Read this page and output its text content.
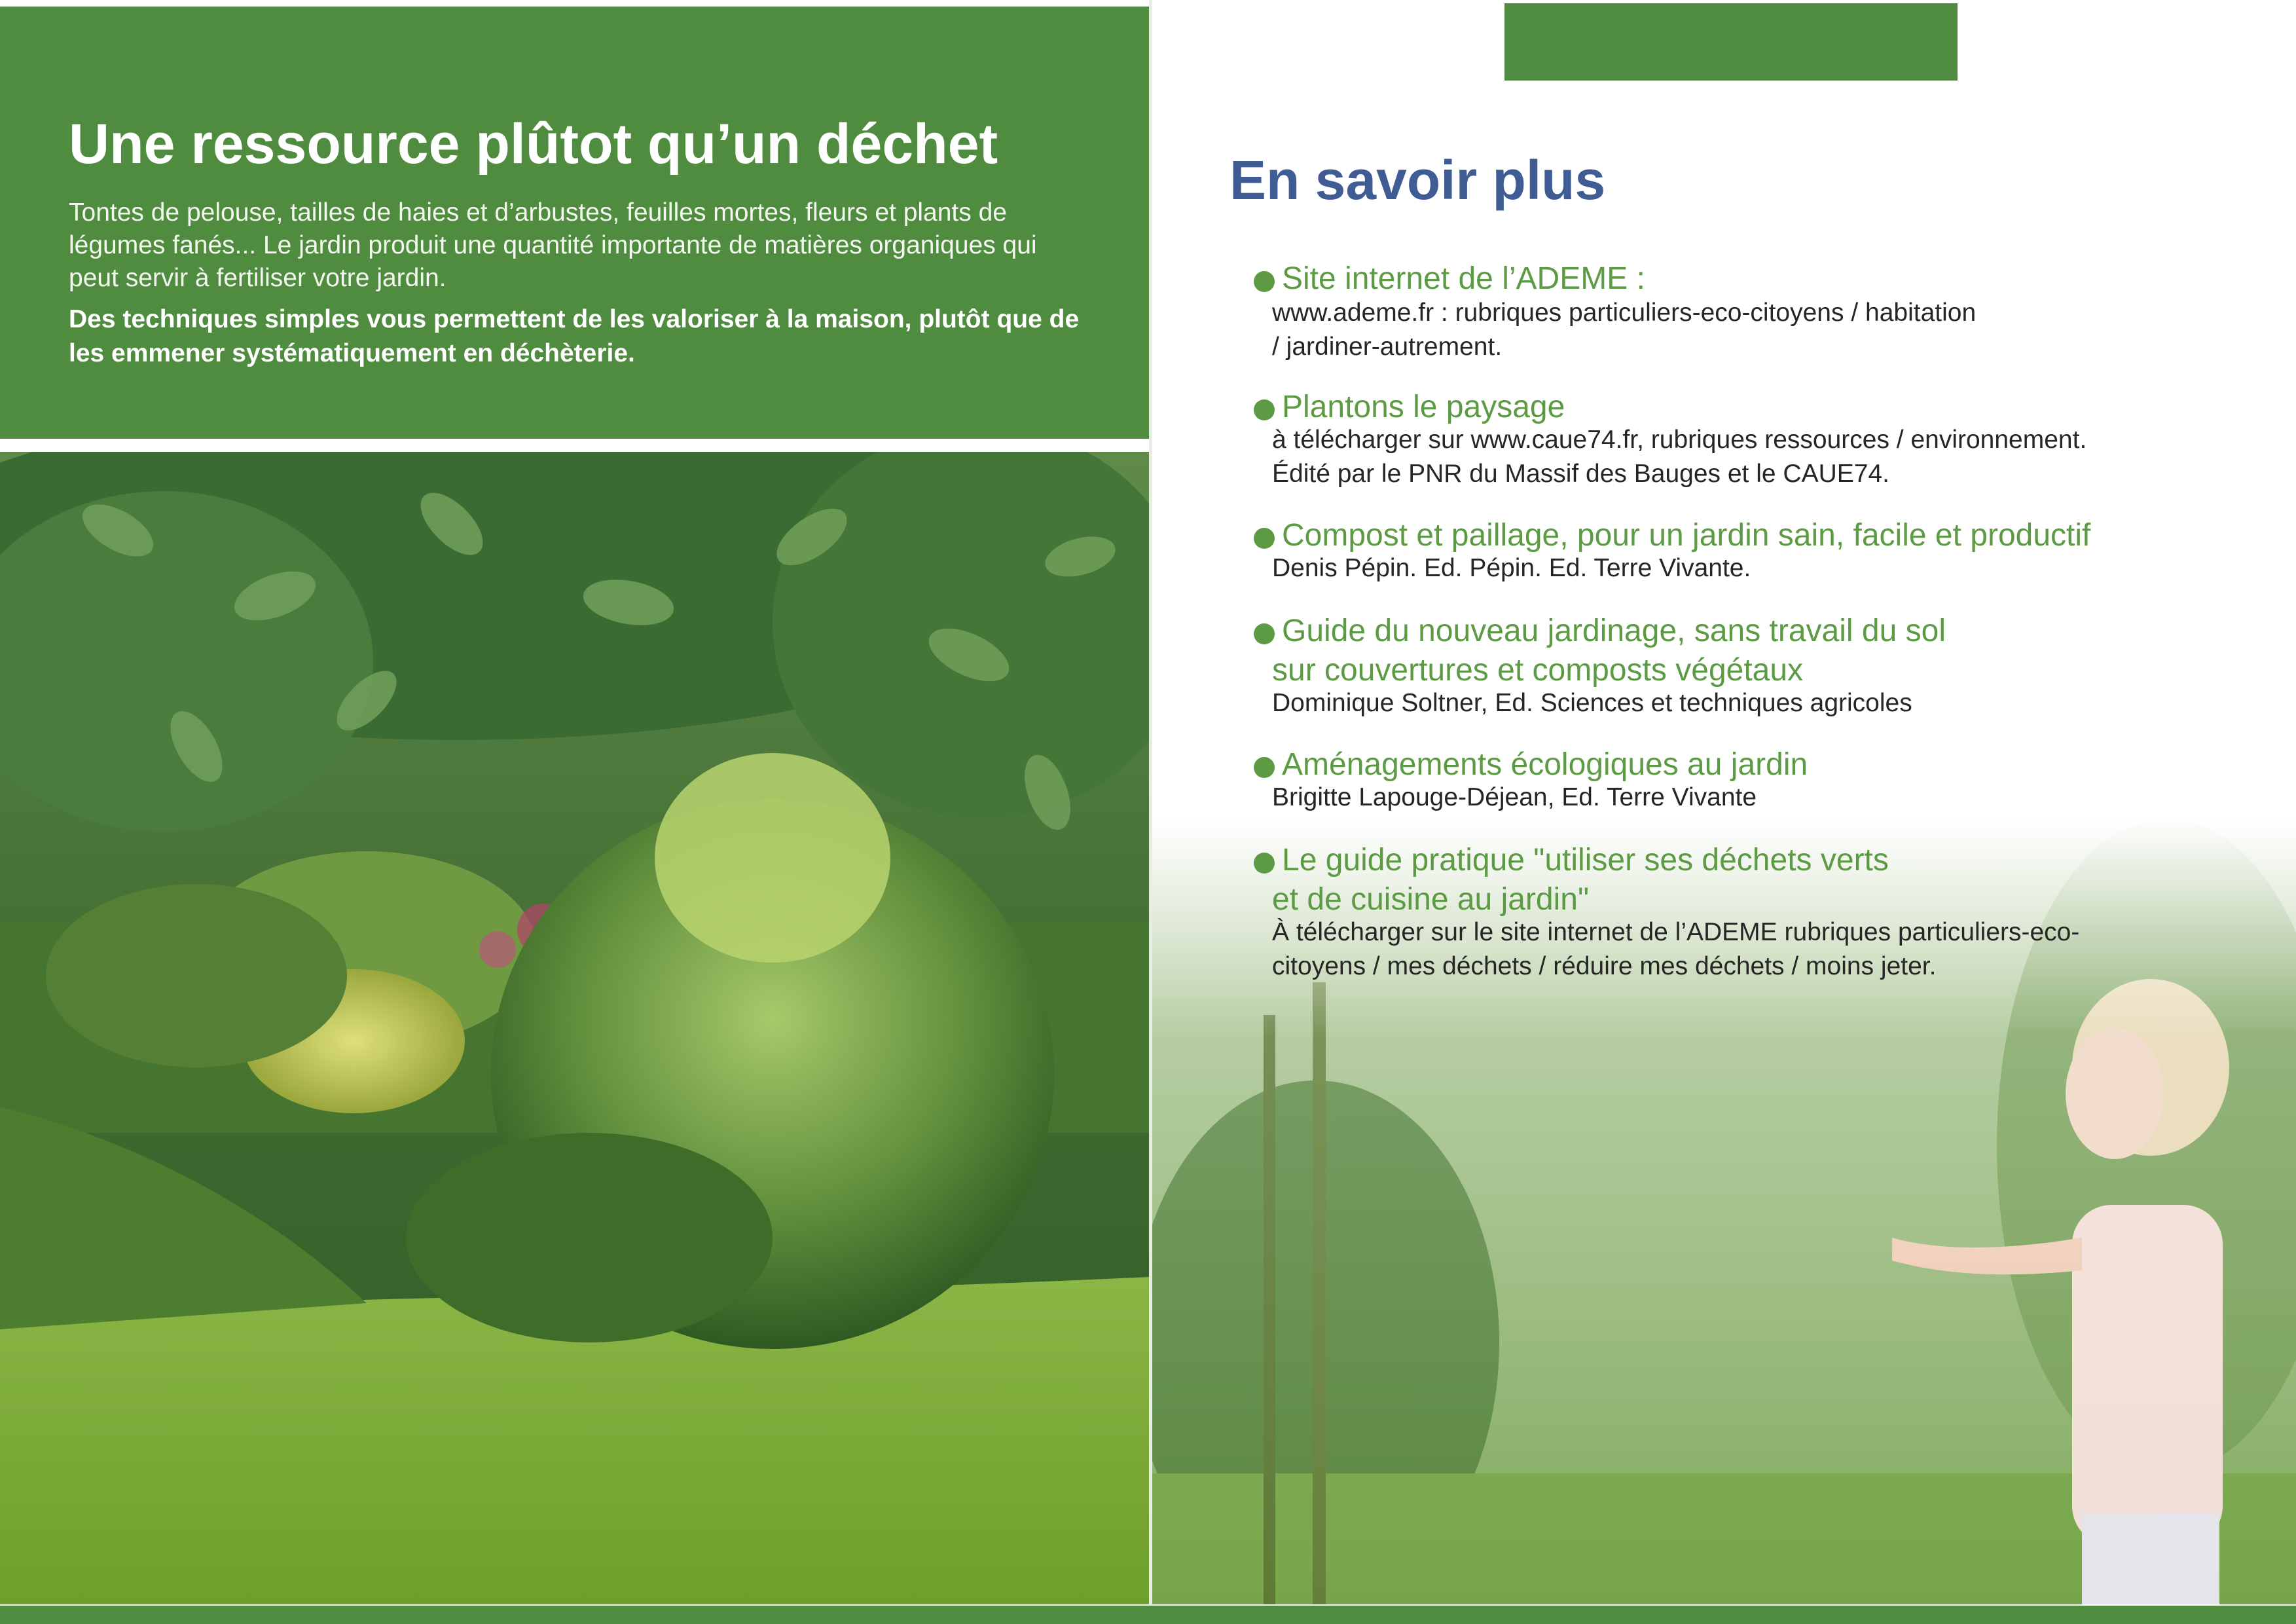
Une ressource plûtot qu’un déchet

Tontes de pelouse, tailles de haies et d’arbustes, feuilles mortes, fleurs et plants de légumes fanés... Le jardin produit une quantité importante de matières organiques qui peut servir à fertiliser votre jardin.

Des techniques simples vous permettent de les valoriser à la maison, plutôt que de les emmener systématiquement en déchèterie.

En savoir plus

Site internet de l’ADEME :

www.ademe.fr : rubriques particuliers-eco-citoyens / habitation
/ jardiner-autrement.

Plantons le paysage

à télécharger sur www.caue74.fr, rubriques ressources / environnement.
Édité par le PNR du Massif des Bauges et le CAUE74.

Compost et paillage, pour un jardin sain, facile et productif

Denis Pépin. Ed. Pépin. Ed. Terre Vivante.

Guide du nouveau jardinage, sans travail du sol
sur couvertures et composts végétaux

Dominique Soltner, Ed. Sciences et techniques agricoles

Aménagements écologiques au jardin

Brigitte Lapouge-Déjean, Ed. Terre Vivante

Le guide pratique "utiliser ses déchets verts
et de cuisine au jardin"

À télécharger sur le site internet de l’ADEME rubriques particuliers-eco-
citoyens / mes déchets / réduire mes déchets / moins jeter.
